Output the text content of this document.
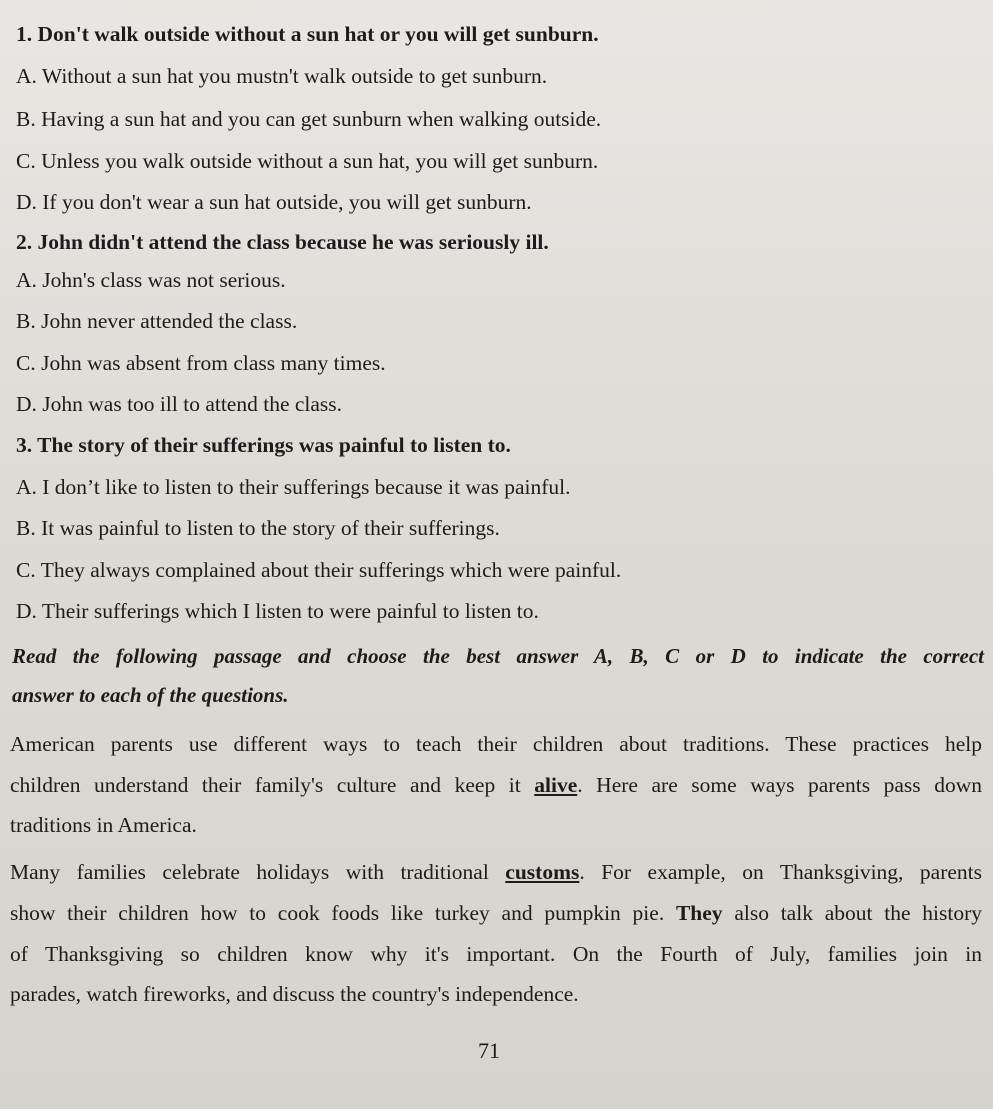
1. Don't walk outside without a sun hat or you will get sunburn.

A. Without a sun hat you mustn't walk outside to get sunburn.

B. Having a sun hat and you can get sunburn when walking outside.

C. Unless you walk outside without a sun hat, you will get sunburn.

D. If you don't wear a sun hat outside, you will get sunburn.

2. John didn't attend the class because he was seriously ill.

A. John's class was not serious.

B. John never attended the class.

C. John was absent from class many times.

D. John was too ill to attend the class.

3. The story of their sufferings was painful to listen to.

A. I don’t like to listen to their sufferings because it was painful.

B. It was painful to listen to the story of their sufferings.

C. They always complained about their sufferings which were painful.

D. Their sufferings which I listen to were painful to listen to.

Read the following passage and choose the best answer A, B, C or D to indicate the correct

answer to each of the questions.

American parents use different ways to teach their children about traditions. These practices help

children understand their family's culture and keep it alive. Here are some ways parents pass down

traditions in America.

Many families celebrate holidays with traditional customs. For example, on Thanksgiving, parents

show their children how to cook foods like turkey and pumpkin pie. They also talk about the history

of Thanksgiving so children know why it's important. On the Fourth of July, families join in

parades, watch fireworks, and discuss the country's independence.

71
